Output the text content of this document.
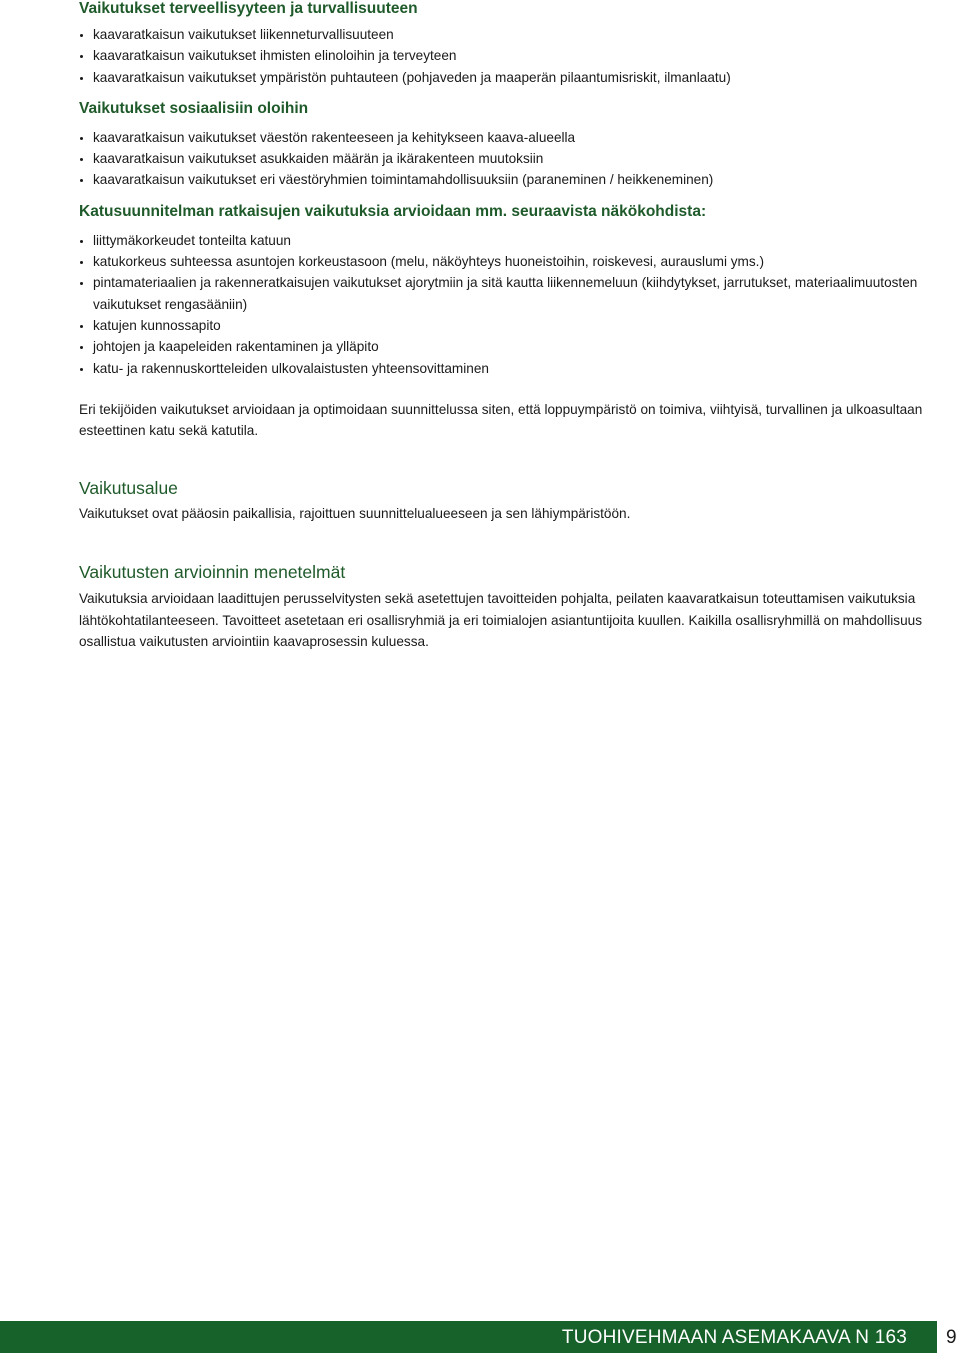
Vaikutukset terveellisyyteen ja turvallisuuteen
kaavaratkaisun vaikutukset liikenneturvallisuuteen
kaavaratkaisun vaikutukset ihmisten elinoloihin ja terveyteen
kaavaratkaisun vaikutukset ympäristön puhtauteen (pohjaveden ja maaperän pilaantumisriskit, ilmanlaatu)
Vaikutukset sosiaalisiin oloihin
kaavaratkaisun vaikutukset väestön rakenteeseen ja kehitykseen kaava-alueella
kaavaratkaisun vaikutukset asukkaiden määrän ja ikärakenteen muutoksiin
kaavaratkaisun vaikutukset eri väestöryhmien toimintamahdollisuuksiin (paraneminen / heikkeneminen)
Katusuunnitelman ratkaisujen vaikutuksia arvioidaan mm. seuraavista näkökohdista:
liittymäkorkeudet tonteilta katuun
katukorkeus suhteessa asuntojen korkeustasoon (melu, näköyhteys huoneistoihin, roiskevesi, aurauslumi yms.)
pintamateriaalien ja rakenneratkaisujen vaikutukset ajorytmiin ja sitä kautta liikennemeluun (kiihdytykset, jarrutukset, materiaalimuutosten vaikutukset rengasääniin)
katujen kunnossapito
johtojen ja kaapeleiden rakentaminen ja ylläpito
katu- ja rakennuskortteleiden ulkovalaistusten yhteensovittaminen

Eri tekijöiden vaikutukset arvioidaan ja optimoidaan suunnittelussa siten, että loppuympäristö on toimiva, viihtyisä, turvallinen ja ulkoasultaan esteettinen katu sekä katutila.

Vaikutusalue

Vaikutukset ovat pääosin paikallisia, rajoittuen suunnittelualueeseen ja sen lähiympäristöön.

Vaikutusten arvioinnin menetelmät

Vaikutuksia arvioidaan laadittujen perusselvitysten sekä asetettujen tavoitteiden pohjalta, peilaten kaavaratkaisun toteuttamisen vaikutuksia lähtökohtatilanteeseen. Tavoitteet asetetaan eri osallisryhmiä ja eri toimialojen asiantuntijoita kuullen. Kaikilla osallisryhmillä on mahdollisuus osallistua vaikutusten arviointiin kaavaprosessin kuluessa.

TUOHIVEHMAAN ASEMAKAAVA N 163 9
